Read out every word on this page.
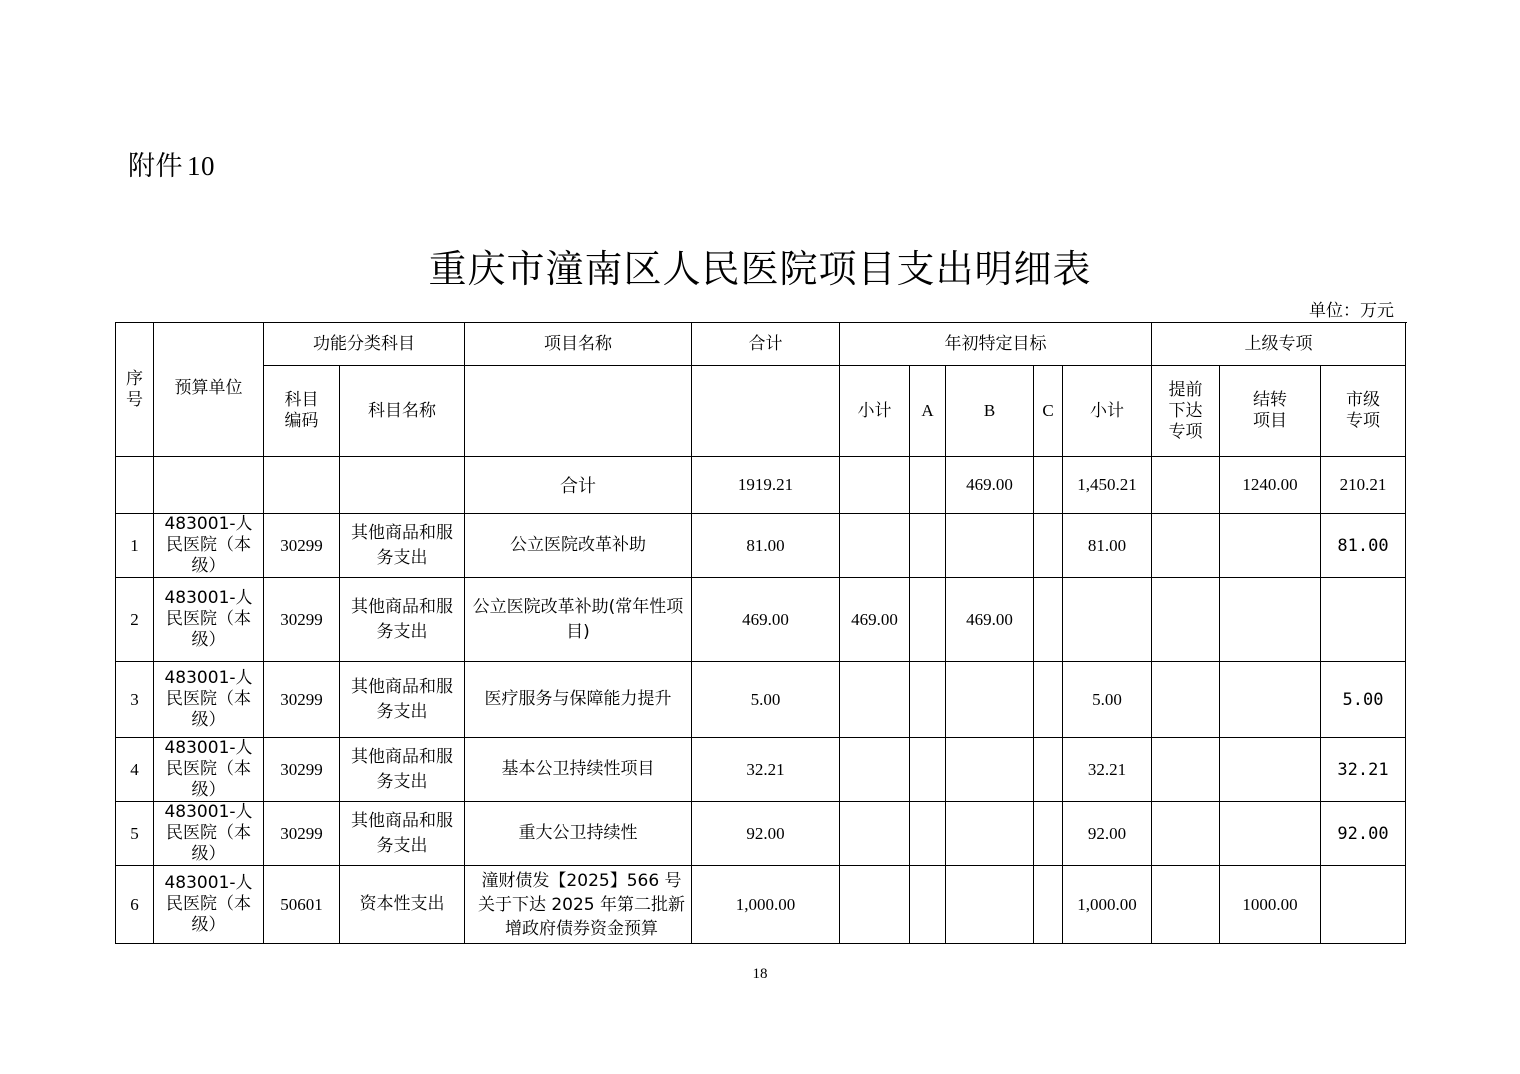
附件 10
重庆市潼南区人民医院项目支出明细表
单位：万元
序号	预算单位	功能分类科目		项目名称	合计	年初特定目标					上级专项		

		科目编码	科目名称			小计	A	B	C	小计	提前下达专项	结转项目	市级专项

				合计	1919.21			469.00		1,450.21		1240.00	210.21
1	483001-人民医院（本级）	30299	其他商品和服务支出	公立医院改革补助	81.00					81.00			81.00
2	483001-人民医院（本级）	30299	其他商品和服务支出	公立医院改革补助(常年性项目)	469.00	469.00		469.00					
3	483001-人民医院（本级）	30299	其他商品和服务支出	医疗服务与保障能力提升	5.00					5.00			5.00
4	483001-人民医院（本级）	30299	其他商品和服务支出	基本公卫持续性项目	32.21					32.21			32.21
5	483001-人民医院（本级）	30299	其他商品和服务支出	重大公卫持续性	92.00					92.00			92.00
6	483001-人民医院（本级）	50601	资本性支出	潼财债发【2025】566 号关于下达 2025 年第二批新增政府债券资金预算	1,000.00					1,000.00		1000.00	
18
